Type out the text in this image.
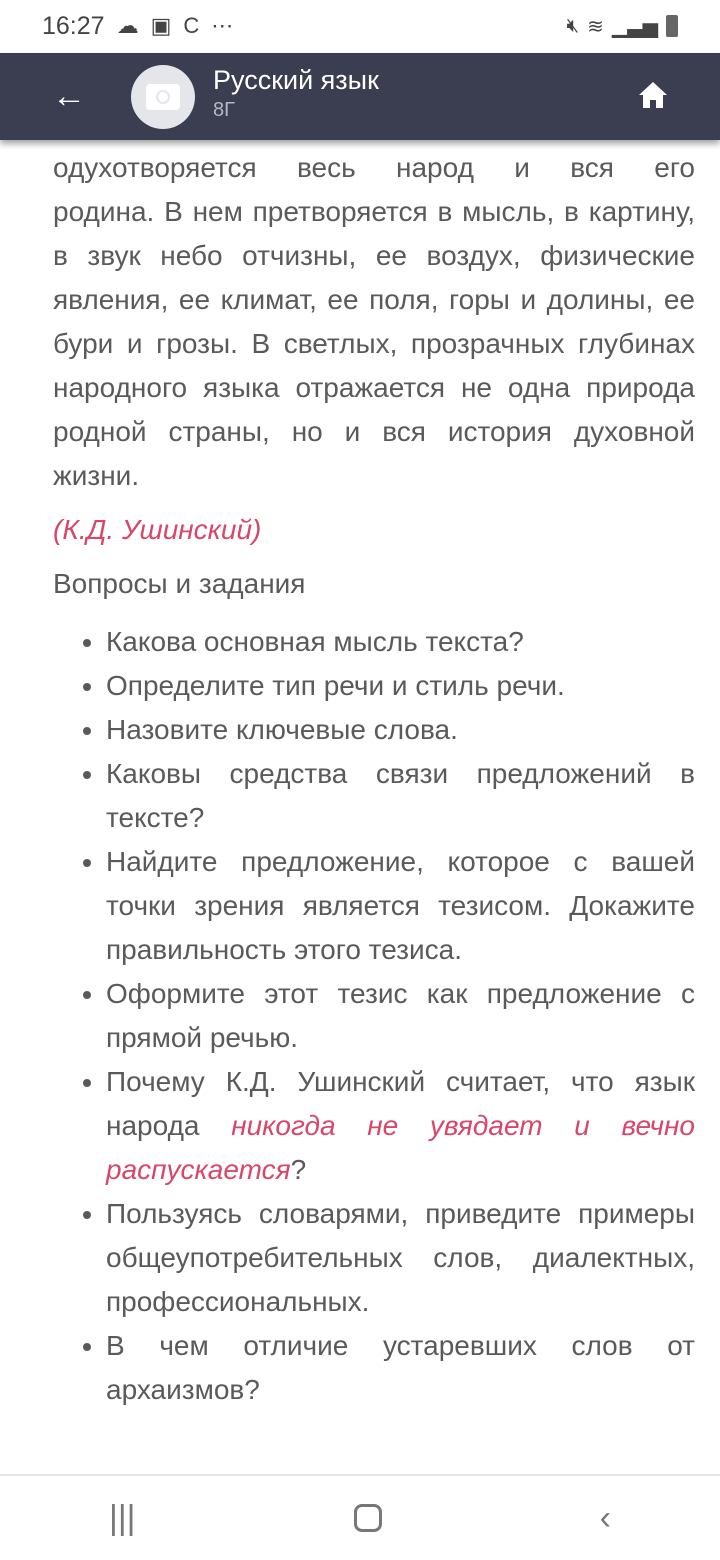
16:27 ☁ ▣ C ⋯	🔇︎ ≋ ▁▃▅
←	Русский язык
8Г

одухотворяется весь народ и вся его

родина. В нем претворяется в мысль, в картину, в звук небо отчизны, ее воздух, физические явления, ее климат, ее поля, горы и долины, ее бури и грозы. В светлых, прозрачных глубинах народного языка отражается не одна природа родной страны, но и вся история духовной жизни.

(К.Д. Ушинский)

Вопросы и задания

• Какова основная мысль текста?
• Определите тип речи и стиль речи.
• Назовите ключевые слова.
• Каковы средства связи предложений в тексте?
• Найдите предложение, которое с вашей точки зрения является тезисом. Докажите правильность этого тезиса.
• Оформите этот тезис как предложение с прямой речью.
• Почему К.Д. Ушинский считает, что язык народа никогда не увядает и вечно распускается?
• Пользуясь словарями, приведите примеры общеупотребительных слов, диалектных, профессиональных.
• В чем отличие устаревших слов от архаизмов?
|||	‹
